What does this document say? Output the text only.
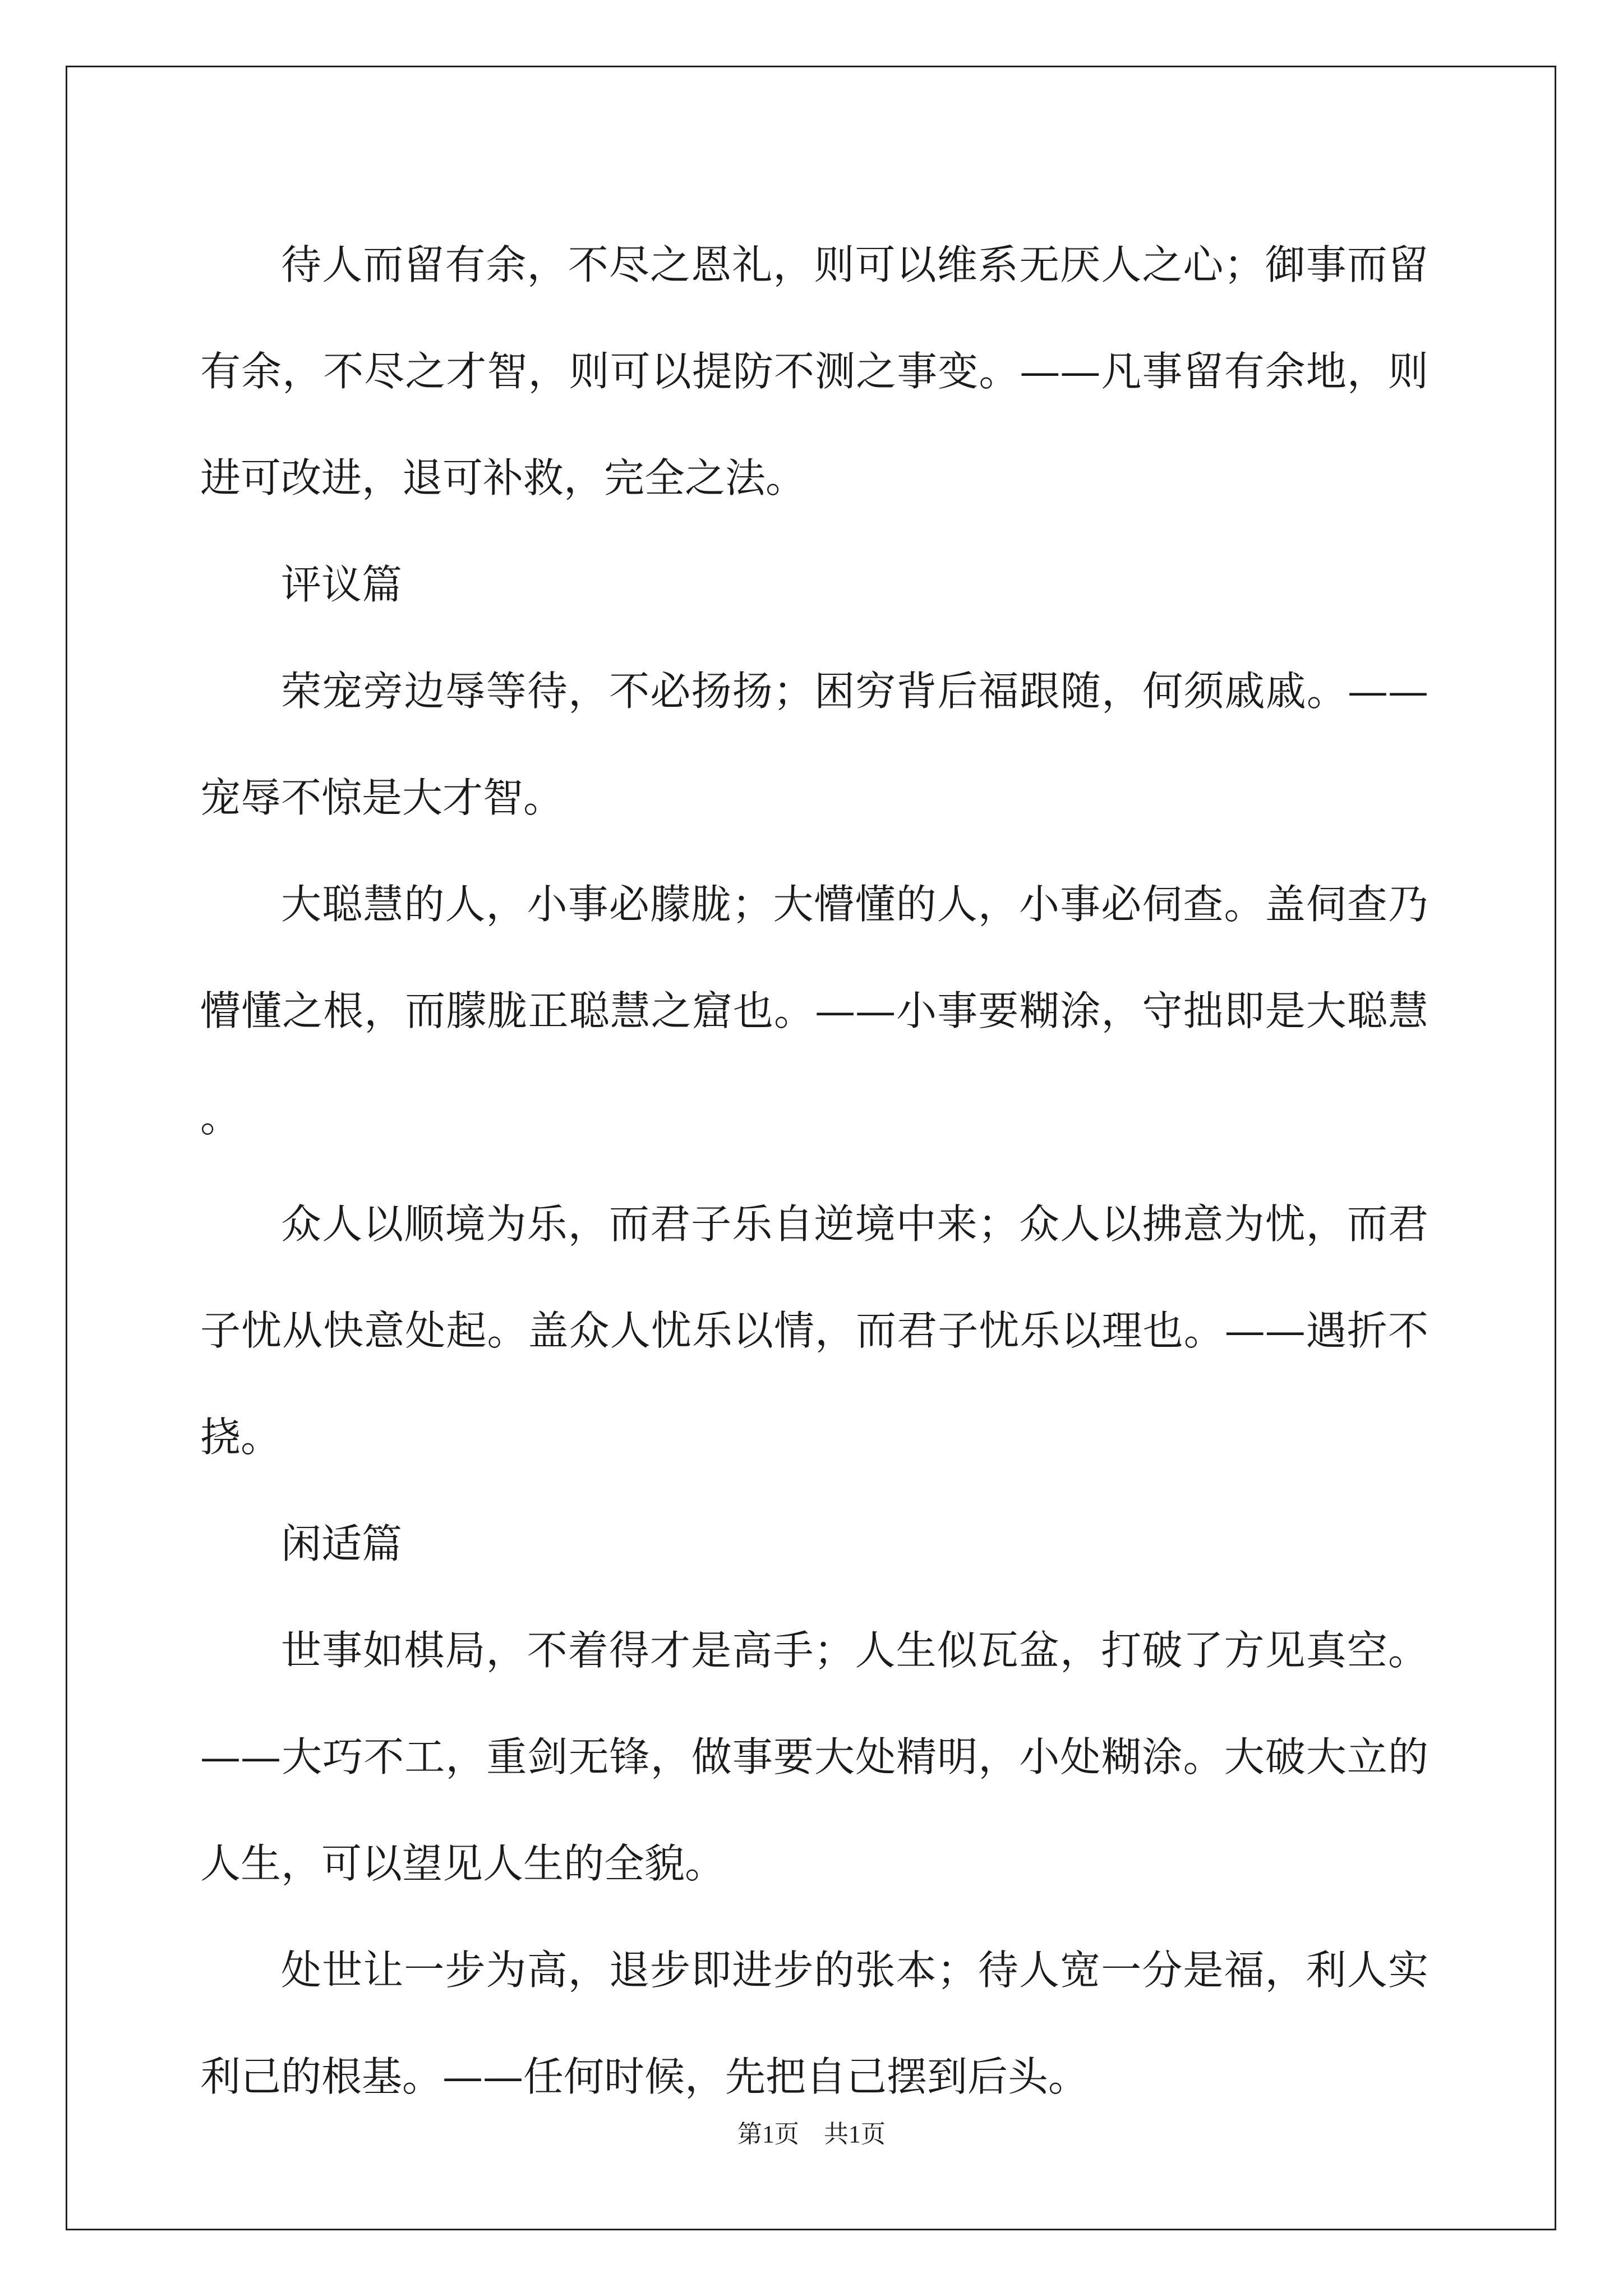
待人而留有余，不尽之恩礼，则可以维系无厌人之心；御事而留有余，不尽之才智，则可以提防不测之事变。——凡事留有余地，则进可改进，退可补救，完全之法。

评议篇

荣宠旁边辱等待，不必扬扬；困穷背后福跟随，何须戚戚。——宠辱不惊是大才智。

大聪慧的人，小事必朦胧；大懵懂的人，小事必伺查。盖伺查乃懵懂之根，而朦胧正聪慧之窟也。——小事要糊涂，守拙即是大聪慧。

众人以顺境为乐，而君子乐自逆境中来；众人以拂意为忧，而君子忧从快意处起。盖众人忧乐以情，而君子忧乐以理也。——遇折不挠。

闲适篇

世事如棋局，不着得才是高手；人生似瓦盆，打破了方见真空。——大巧不工，重剑无锋，做事要大处精明，小处糊涂。大破大立的人生，可以望见人生的全貌。

处世让一步为高，退步即进步的张本；待人宽一分是福，利人实利己的根基。——任何时候，先把自己摆到后头。

第1页 共1页
